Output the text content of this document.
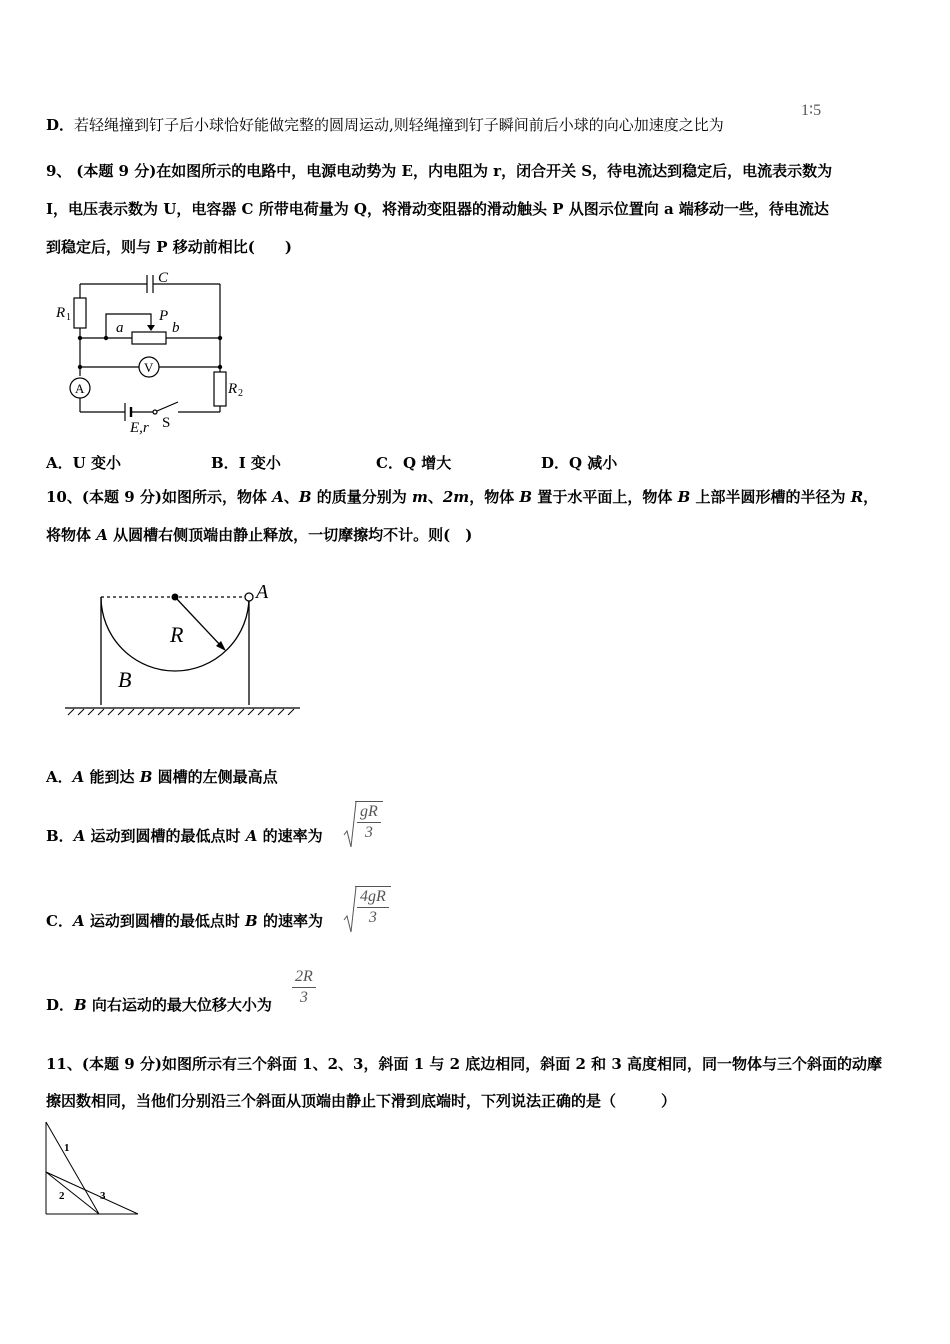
D．若轻绳撞到钉子后小球恰好能做完整的圆周运动,则轻绳撞到钉子瞬间前后小球的向心加速度之比为
1∶5
9、 (本题 9 分)在如图所示的电路中，电源电动势为 E，内电阻为 r，闭合开关 S，待电流达到稳定后，电流表示数为
I，电压表示数为 U，电容器 C 所带电荷量为 Q，将滑动变阻器的滑动触头 P 从图示位置向 a 端移动一些，待电流达
到稳定后，则与 P 移动前相比(　　)
C
R 1
a
P
b
V
A	R 2
E,r S
A．U 变小	B．I 变小	C．Q 增大	D．Q 减小
10、(本题 9 分)如图所示，物体 A、B 的质量分别为 m、2m，物体 B 置于水平面上，物体 B 上部半圆形槽的半径为 R，
将物体 A 从圆槽右侧顶端由静止释放，一切摩擦均不计。则(　)
A
R
B
A．A 能到达 B 圆槽的左侧最高点
B．A 运动到圆槽的最低点时 A 的速率为 $\frac{gR}{3}$
C．A 运动到圆槽的最低点时 B 的速率为 $\frac{4gR}{3}$
D．B 向右运动的最大位移大小为 $\frac{2R}{3}$
11、(本题 9 分)如图所示有三个斜面 1、2、3，斜面 1 与 2 底边相同，斜面 2 和 3 高度相同，同一物体与三个斜面的动摩
擦因数相同，当他们分别沿三个斜面从顶端由静止下滑到底端时，下列说法正确的是（　　　）
1
2	3
